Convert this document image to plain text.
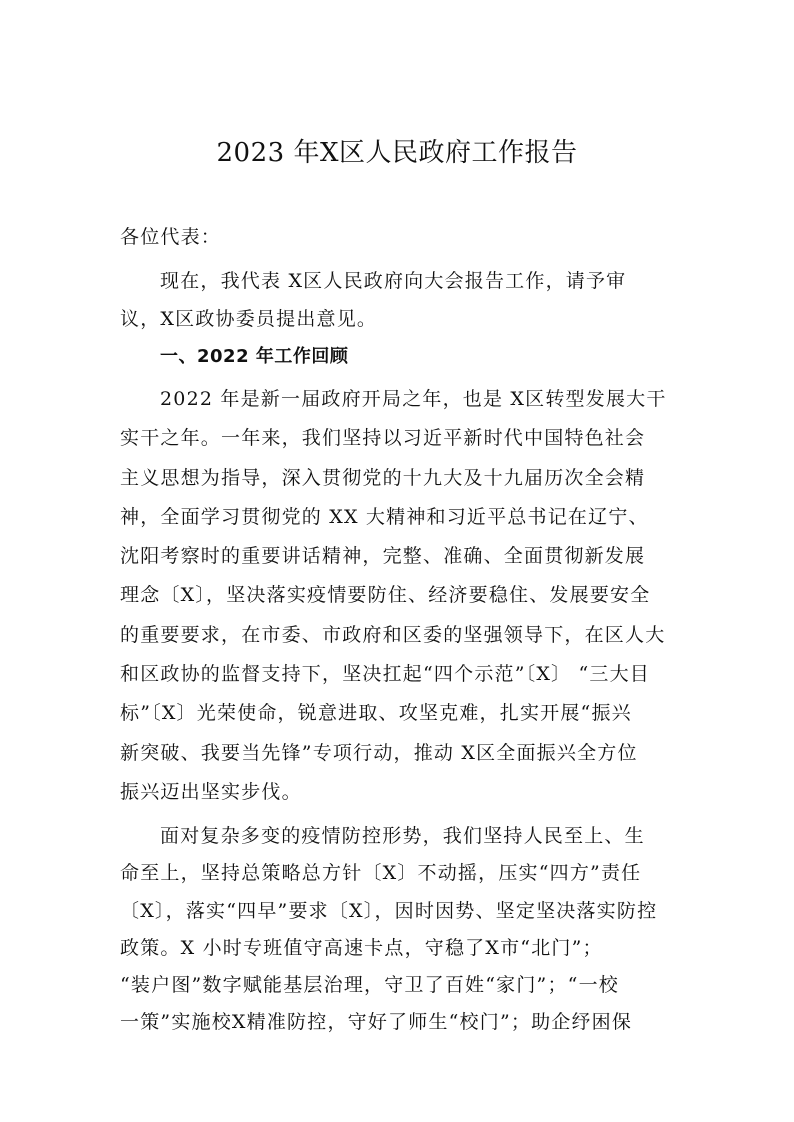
2023 年X区人民政府工作报告
各位代表：
现在，我代表 X区人民政府向大会报告工作，请予审
议，X区政协委员提出意见。
一、2022 年工作回顾
2022 年是新一届政府开局之年，也是 X区转型发展大干
实干之年。一年来，我们坚持以习近平新时代中国特色社会
主义思想为指导，深入贯彻党的十九大及十九届历次全会精
神，全面学习贯彻党的 XX 大精神和习近平总书记在辽宁、
沈阳考察时的重要讲话精神，完整、准确、全面贯彻新发展
理念〔X〕，坚决落实疫情要防住、经济要稳住、发展要安全
的重要要求，在市委、市政府和区委的坚强领导下，在区人大
和区政协的监督支持下，坚决扛起“四个示范”〔X〕 “三大目
标”〔X〕光荣使命，锐意进取、攻坚克难，扎实开展“振兴
新突破、我要当先锋”专项行动，推动 X区全面振兴全方位
振兴迈出坚实步伐。
面对复杂多变的疫情防控形势，我们坚持人民至上、生
命至上，坚持总策略总方针〔X〕不动摇，压实“四方”责任
〔X〕，落实“四早”要求〔X〕，因时因势、坚定坚决落实防控
政策。X 小时专班值守高速卡点，守稳了X市“北门”；
“装户图”数字赋能基层治理，守卫了百姓“家门”；“一校
一策”实施校X精准防控，守好了师生“校门”；助企纾困保
